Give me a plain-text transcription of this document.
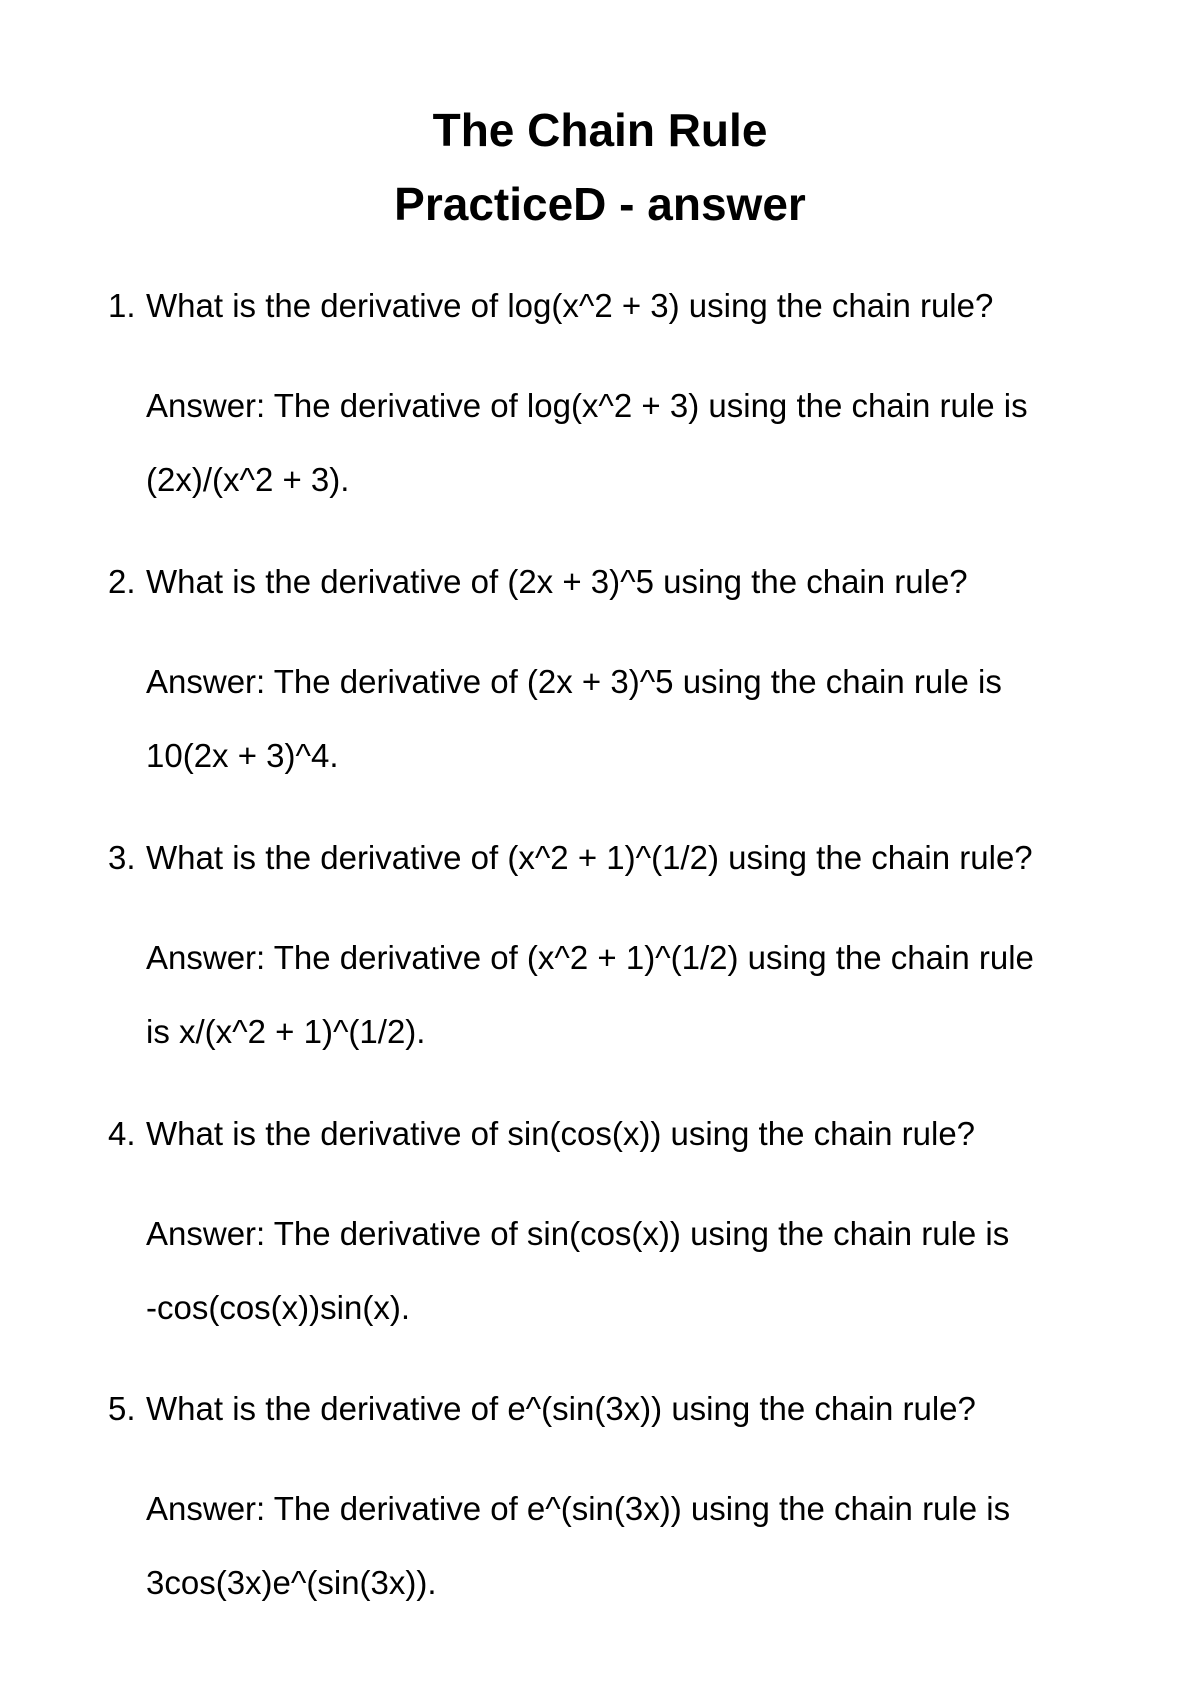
The Chain Rule
PracticeD - answer
1. What is the derivative of log(x^2 + 3) using the chain rule?
Answer: The derivative of log(x^2 + 3) using the chain rule is
(2x)/(x^2 + 3).
2. What is the derivative of (2x + 3)^5 using the chain rule?
Answer: The derivative of (2x + 3)^5 using the chain rule is
10(2x + 3)^4.
3. What is the derivative of (x^2 + 1)^(1/2) using the chain rule?
Answer: The derivative of (x^2 + 1)^(1/2) using the chain rule
is x/(x^2 + 1)^(1/2).
4. What is the derivative of sin(cos(x)) using the chain rule?
Answer: The derivative of sin(cos(x)) using the chain rule is
-cos(cos(x))sin(x).
5. What is the derivative of e^(sin(3x)) using the chain rule?
Answer: The derivative of e^(sin(3x)) using the chain rule is
3cos(3x)e^(sin(3x)).
